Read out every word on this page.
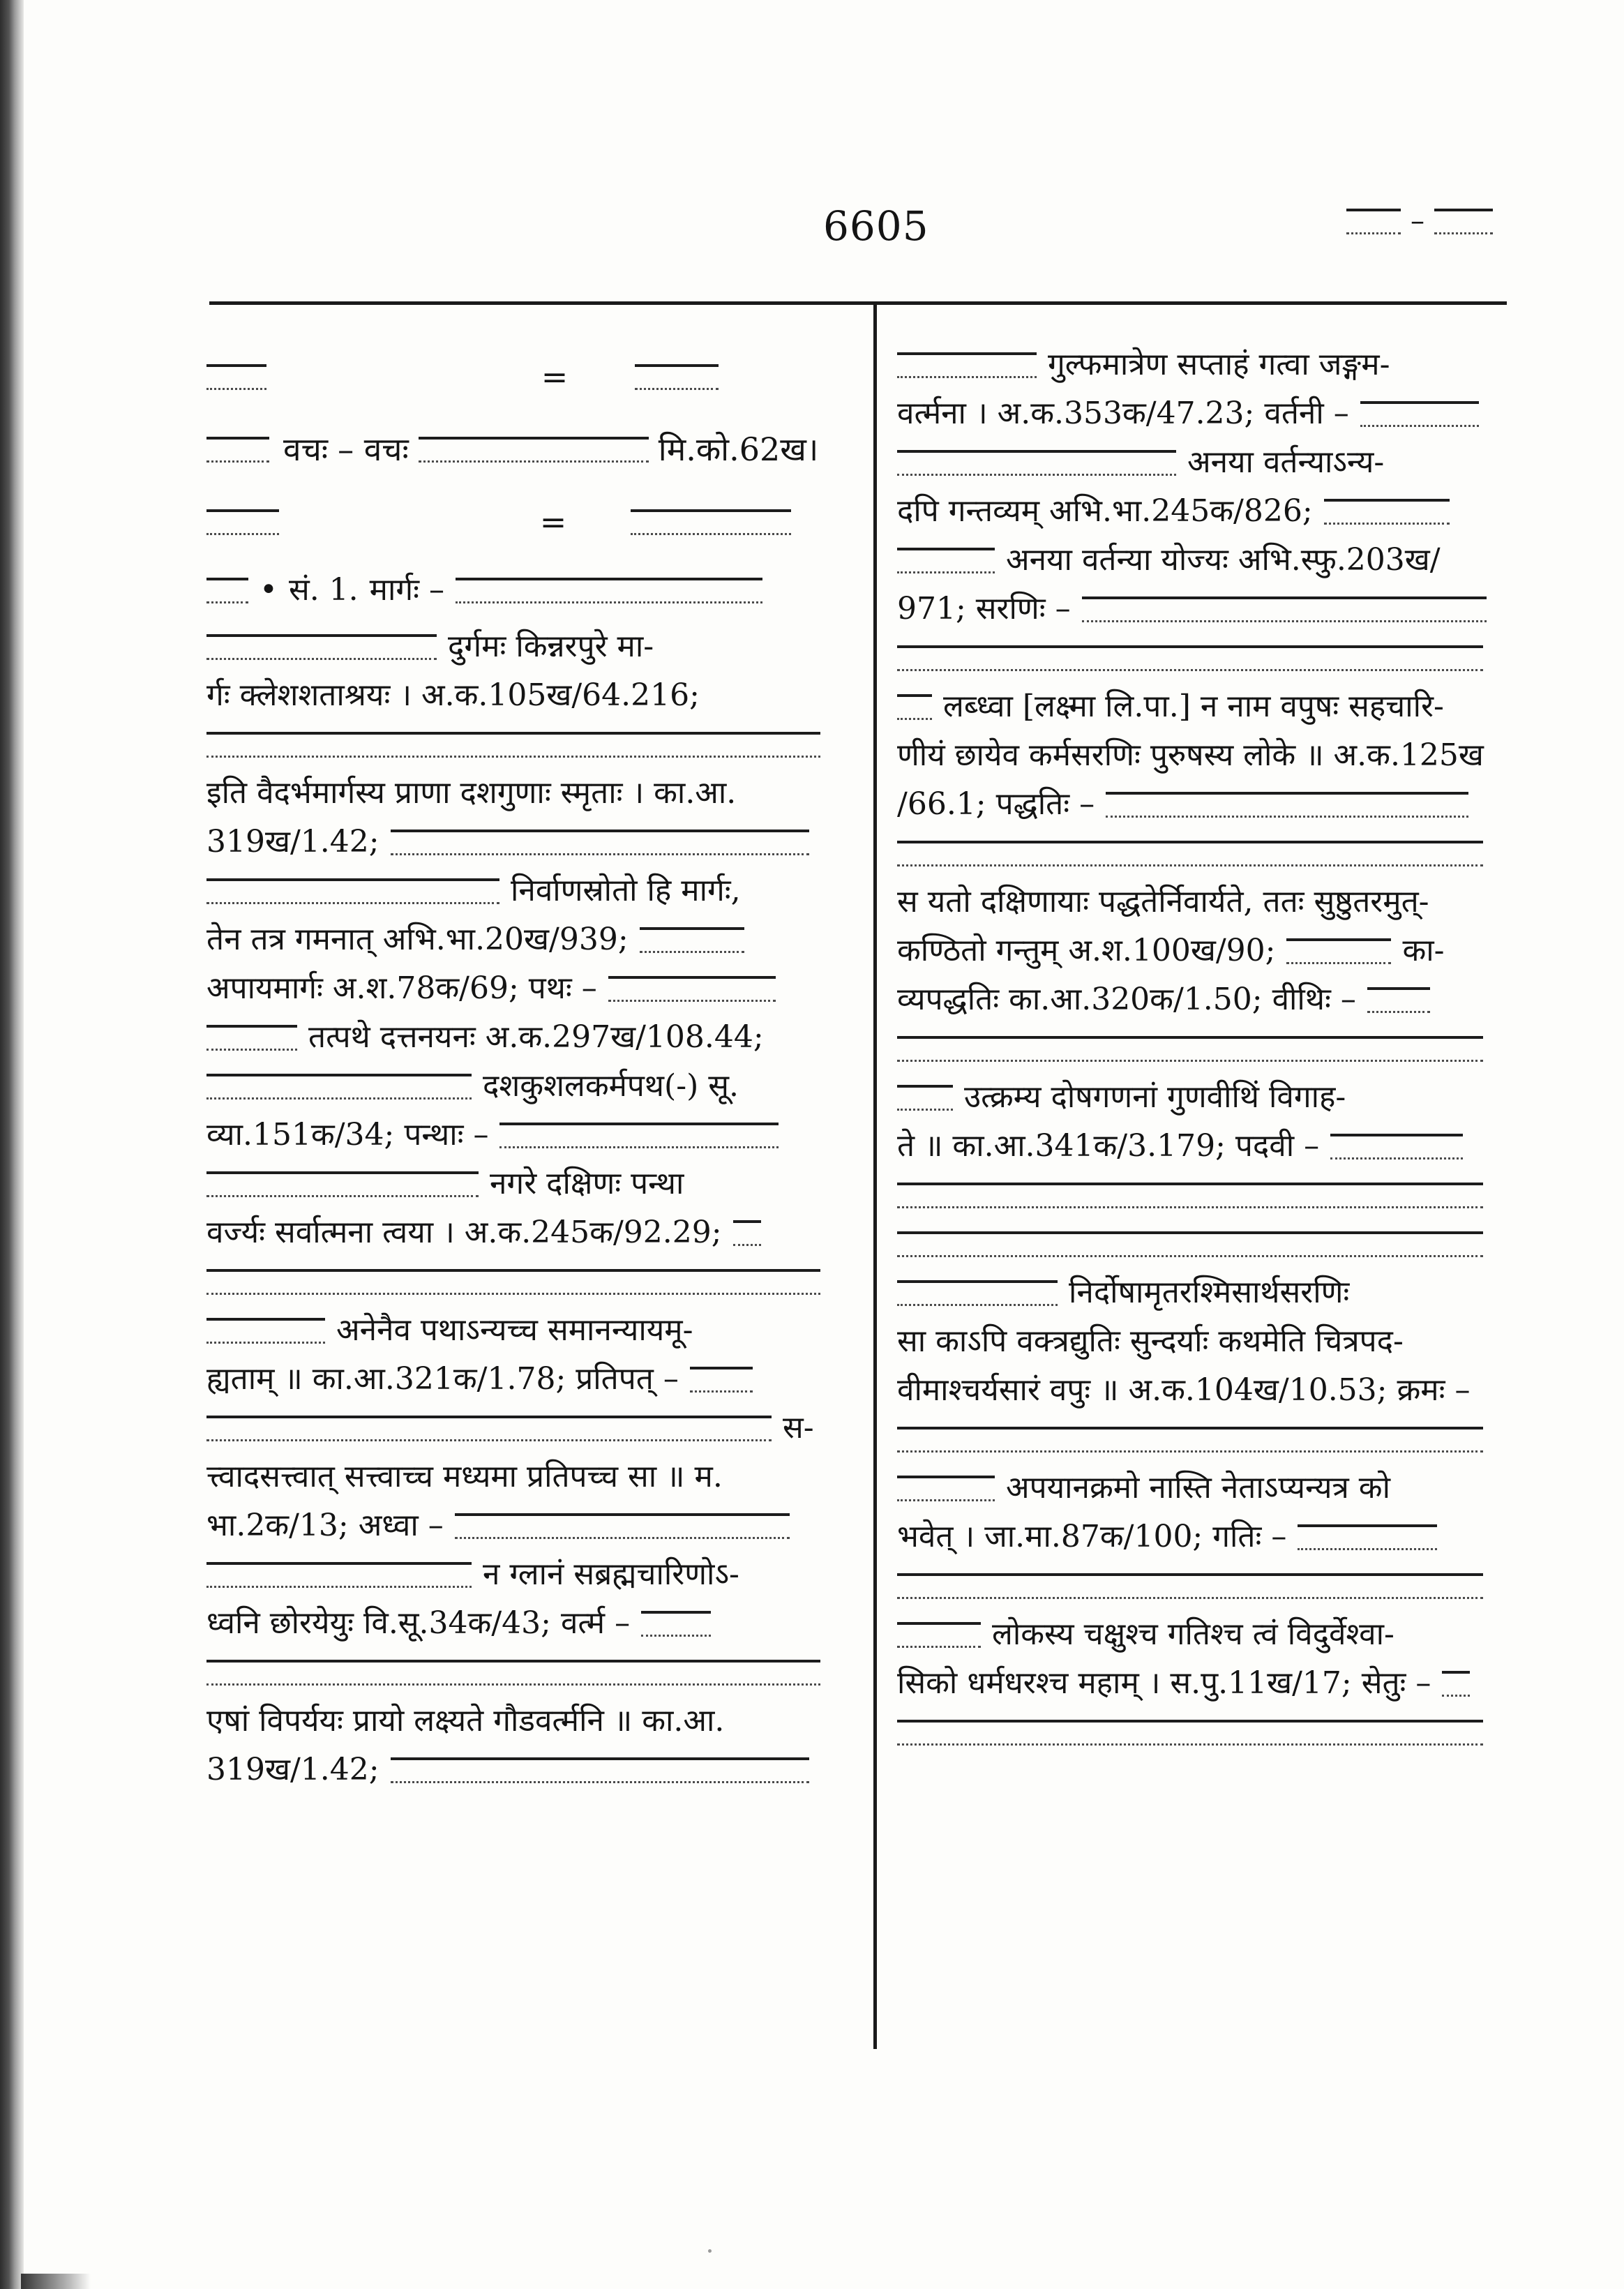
6605	–
=
वचः – वचः	मि.को.62ख।
=
• सं. 1. मार्गः –
दुर्गमः किन्नरपुरे मा-
र्गः क्लेशशताश्रयः । अ.क.105ख/64.216;
इति वैदर्भमार्गस्य प्राणा दशगुणाः स्मृताः । का.आ.
319ख/1.42;
निर्वाणस्रोतो हि मार्गः,
तेन तत्र गमनात् अभि.भा.20ख/939;
अपायमार्गः अ.श.78क/69; पथः –
तत्पथे दत्तनयनः अ.क.297ख/108.44;
दशकुशलकर्मपथ(-) सू.
व्या.151क/34; पन्थाः –
नगरे दक्षिणः पन्था
वर्ज्यः सर्वात्मना त्वया । अ.क.245क/92.29;
अनेनैव पथाऽन्यच्च समानन्यायमू-
ह्यताम् ॥ का.आ.321क/1.78; प्रतिपत् –
स-
त्त्वादसत्त्वात् सत्त्वाच्च मध्यमा प्रतिपच्च सा ॥ म.
भा.2क/13; अध्वा –
न ग्लानं सब्रह्मचारिणोऽ-
ध्वनि छोरयेयुः वि.सू.34क/43; वर्त्म –
एषां विपर्ययः प्रायो लक्ष्यते गौडवर्त्मनि ॥ का.आ.
319ख/1.42;
गुल्फमात्रेण सप्ताहं गत्वा जङ्गम-
वर्त्मना । अ.क.353क/47.23; वर्तनी –
अनया वर्तन्याऽन्य-
दपि गन्तव्यम् अभि.भा.245क/826;
अनया वर्तन्या योज्यः अभि.स्फु.203ख/
971; सरणिः –
लब्ध्वा [लक्ष्मा लि.पा.] न नाम वपुषः सहचारि-
णीयं छायेव कर्मसरणिः पुरुषस्य लोके ॥ अ.क.125ख
/66.1; पद्धतिः –
स यतो दक्षिणायाः पद्धतेर्निवार्यते, ततः सुष्ठुतरमुत्-
कण्ठितो गन्तुम् अ.श.100ख/90;	का-
व्यपद्धतिः का.आ.320क/1.50; वीथिः –
उत्क्रम्य दोषगणनां गुणवीथिं विगाह-
ते ॥ का.आ.341क/3.179; पदवी –
निर्दोषामृतरश्मिसार्थसरणिः
सा काऽपि वक्त्रद्युतिः सुन्दर्याः कथमेति चित्रपद-
वीमाश्चर्यसारं वपुः ॥ अ.क.104ख/10.53; क्रमः –
अपयानक्रमो नास्ति नेताऽप्यन्यत्र को
भवेत् । जा.मा.87क/100; गतिः –
लोकस्य चक्षुश्च गतिश्च त्वं विदुर्वेश्वा-
सिको धर्मधरश्च महाम् । स.पु.11ख/17; सेतुः –
